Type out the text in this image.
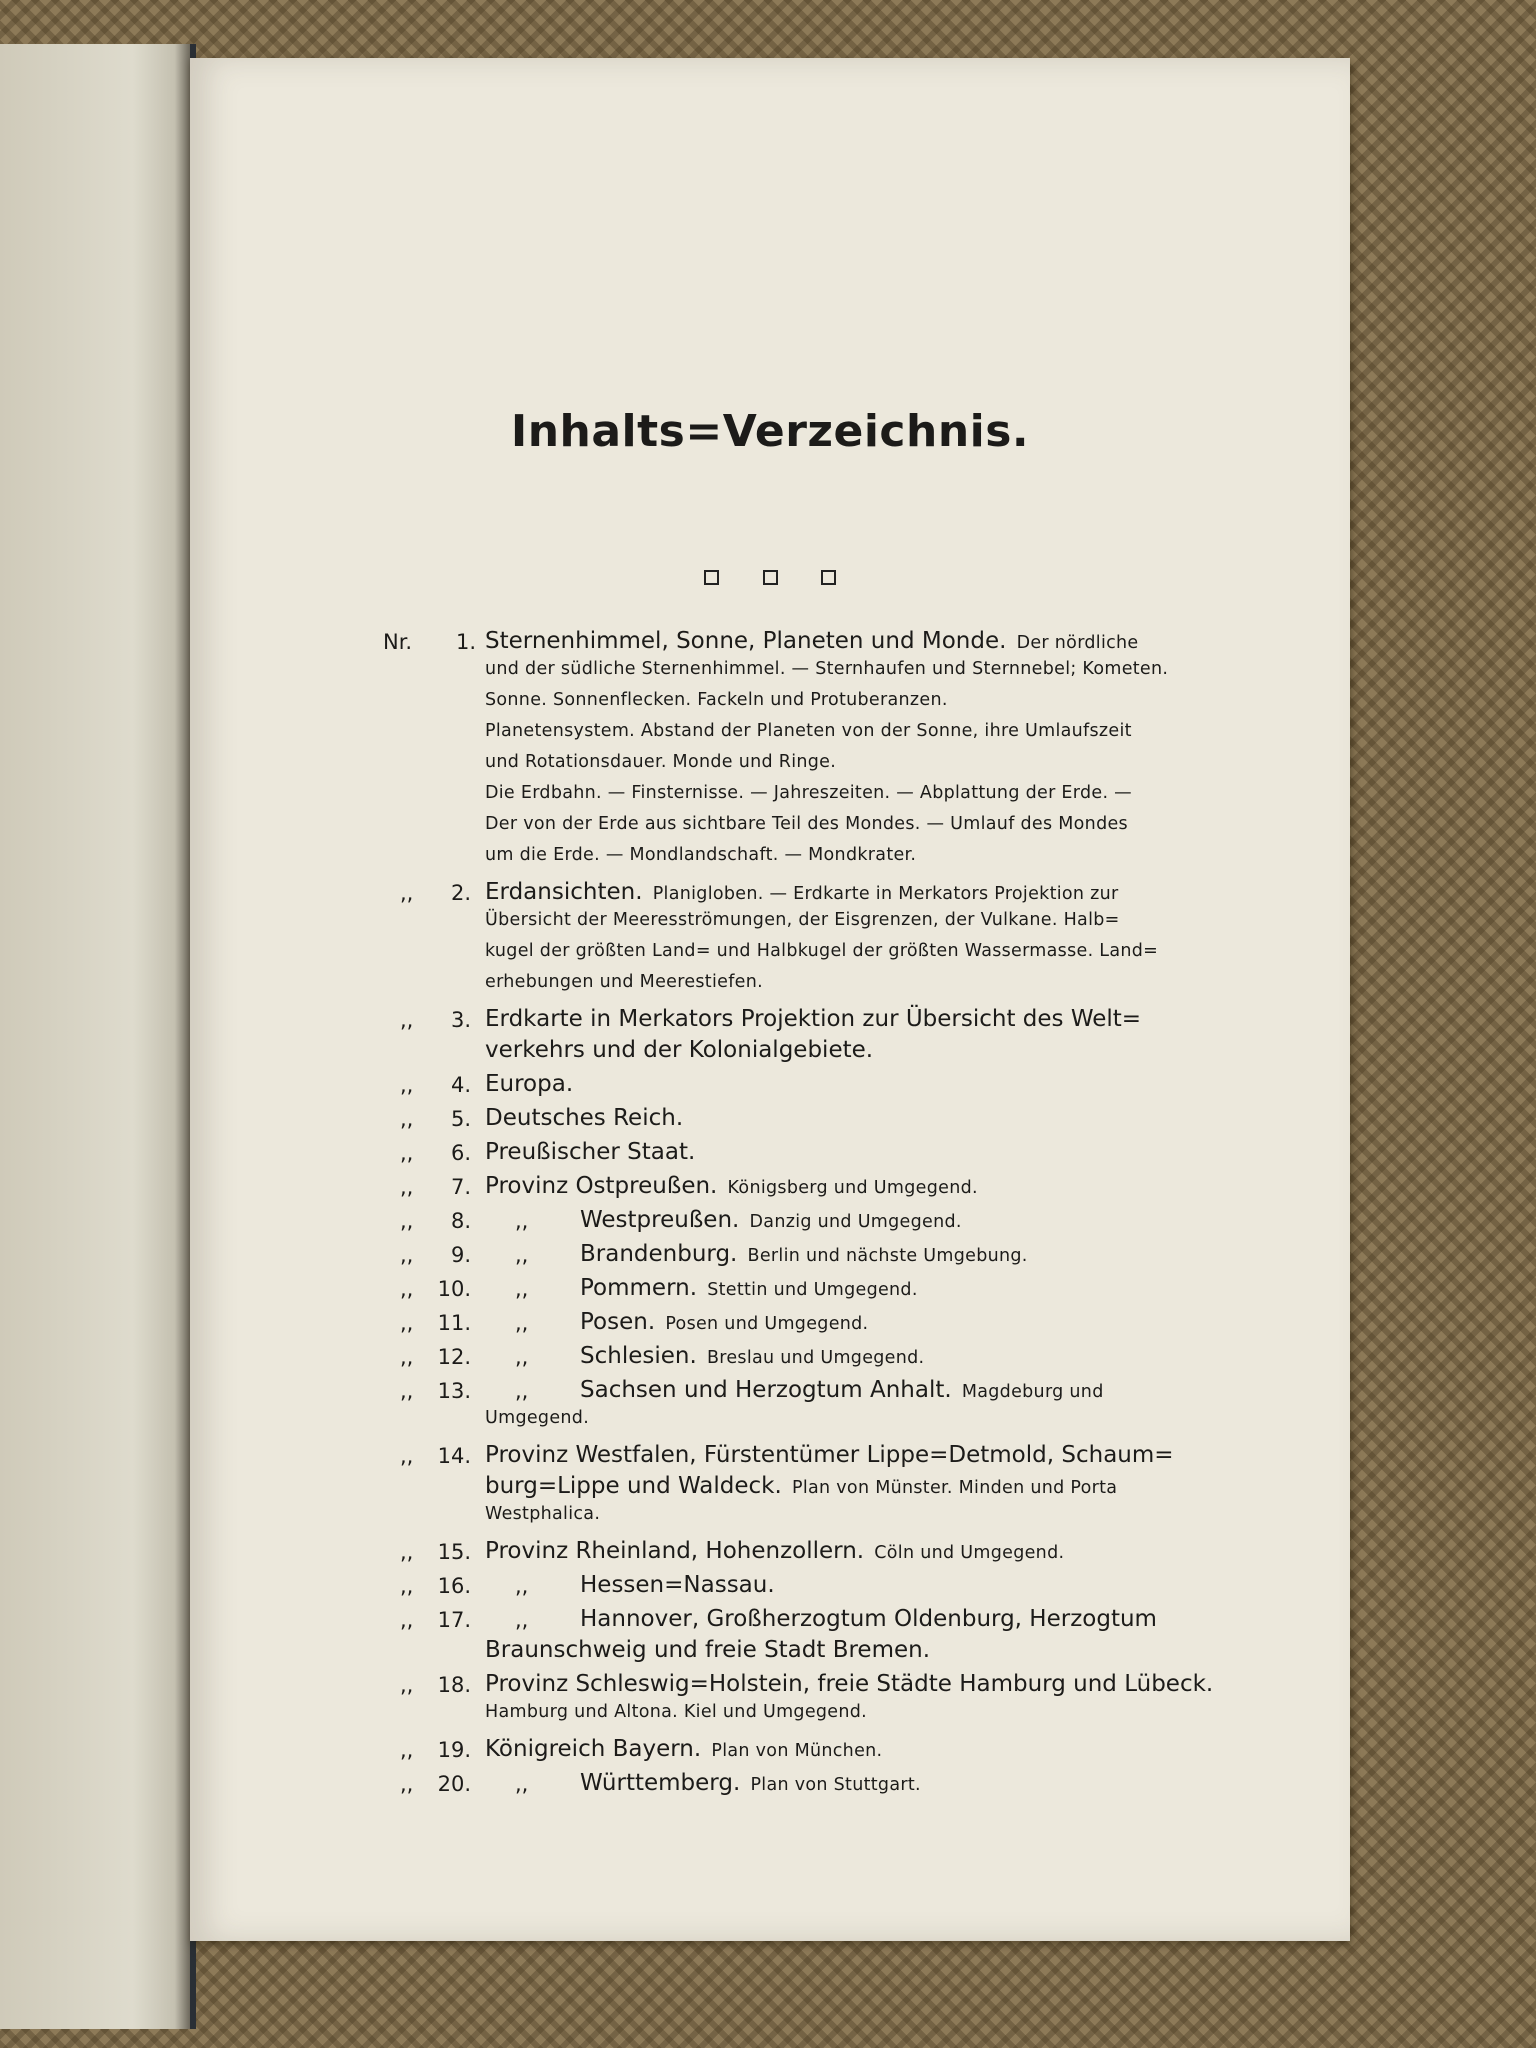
Inhalts=Verzeichnis.

Nr.	1. Sternenhimmel, Sonne, Planeten und Monde. Der nördliche
und der südliche Sternenhimmel. — Sternhaufen und Sternnebel; Kometen.
Sonne. Sonnenflecken. Fackeln und Protuberanzen.
Planetensystem. Abstand der Planeten von der Sonne, ihre Umlaufszeit
und Rotationsdauer. Monde und Ringe.
Die Erdbahn. — Finsternisse. — Jahreszeiten. — Abplattung der Erde. —
Der von der Erde aus sichtbare Teil des Mondes. — Umlauf des Mondes
um die Erde. — Mondlandschaft. — Mondkrater.
,,	2. Erdansichten. Planigloben. — Erdkarte in Merkators Projektion zur
Übersicht der Meeresströmungen, der Eisgrenzen, der Vulkane. Halb=
kugel der größten Land= und Halbkugel der größten Wassermasse. Land=
erhebungen und Meerestiefen.
,,	3. Erdkarte in Merkators Projektion zur Übersicht des Welt=
verkehrs und der Kolonialgebiete.
,,	4. Europa.
,,	5. Deutsches Reich.
,,	6. Preußischer Staat.
,,	7. Provinz Ostpreußen. Königsberg und Umgegend.
,,	8. ,, Westpreußen. Danzig und Umgegend.
,,	9. ,, Brandenburg. Berlin und nächste Umgebung.
,, 10. ,, Pommern. Stettin und Umgegend.
,, 11. ,, Posen. Posen und Umgegend.
,, 12. ,, Schlesien. Breslau und Umgegend.
,, 13. ,, Sachsen und Herzogtum Anhalt. Magdeburg und
Umgegend.
,, 14. Provinz Westfalen, Fürstentümer Lippe=Detmold, Schaum=
burg=Lippe und Waldeck. Plan von Münster. Minden und Porta
Westphalica.
,, 15. Provinz Rheinland, Hohenzollern. Cöln und Umgegend.
,, 16. ,, Hessen=Nassau.
,, 17. ,, Hannover, Großherzogtum Oldenburg, Herzogtum
Braunschweig und freie Stadt Bremen.
,, 18. Provinz Schleswig=Holstein, freie Städte Hamburg und Lübeck.
Hamburg und Altona. Kiel und Umgegend.
,, 19. Königreich Bayern. Plan von München.
,, 20. ,, Württemberg. Plan von Stuttgart.
